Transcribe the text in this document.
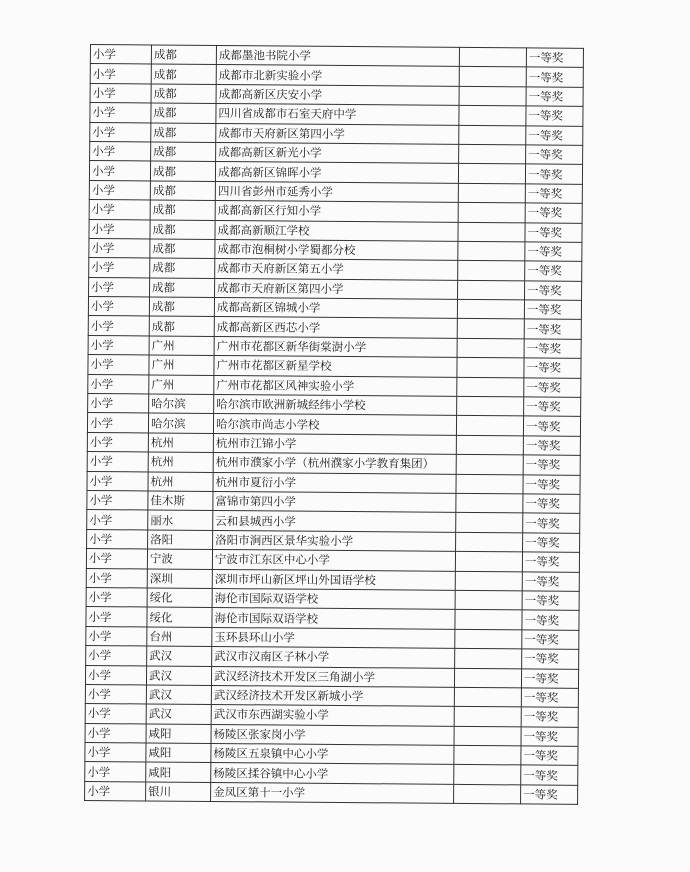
小学	成都	成都墨池书院小学		一等奖
小学	成都	成都市北新实验小学		一等奖
小学	成都	成都高新区庆安小学		一等奖
小学	成都	四川省成都市石室天府中学		一等奖
小学	成都	成都市天府新区第四小学		一等奖
小学	成都	成都高新区新光小学		一等奖
小学	成都	成都高新区锦晖小学		一等奖
小学	成都	四川省彭州市延秀小学		一等奖
小学	成都	成都高新区行知小学		一等奖
小学	成都	成都高新顺江学校		一等奖
小学	成都	成都市泡桐树小学蜀都分校		一等奖
小学	成都	成都市天府新区第五小学		一等奖
小学	成都	成都市天府新区第四小学		一等奖
小学	成都	成都高新区锦城小学		一等奖
小学	成都	成都高新区西芯小学		一等奖
小学	广州	广州市花都区新华街棠澍小学		一等奖
小学	广州	广州市花都区新星学校		一等奖
小学	广州	广州市花都区风神实验小学		一等奖
小学	哈尔滨	哈尔滨市欧洲新城经纬小学校		一等奖
小学	哈尔滨	哈尔滨市尚志小学校		一等奖
小学	杭州	杭州市江锦小学		一等奖
小学	杭州	杭州市濮家小学（杭州濮家小学教育集团）		一等奖
小学	杭州	杭州市夏衍小学		一等奖
小学	佳木斯	富锦市第四小学		一等奖
小学	丽水	云和县城西小学		一等奖
小学	洛阳	洛阳市涧西区景华实验小学		一等奖
小学	宁波	宁波市江东区中心小学		一等奖
小学	深圳	深圳市坪山新区坪山外国语学校		一等奖
小学	绥化	海伦市国际双语学校		一等奖
小学	绥化	海伦市国际双语学校		一等奖
小学	台州	玉环县环山小学		一等奖
小学	武汉	武汉市汉南区子林小学		一等奖
小学	武汉	武汉经济技术开发区三角湖小学		一等奖
小学	武汉	武汉经济技术开发区新城小学		一等奖
小学	武汉	武汉市东西湖实验小学		一等奖
小学	咸阳	杨陵区张家岗小学		一等奖
小学	咸阳	杨陵区五泉镇中心小学		一等奖
小学	咸阳	杨陵区揉谷镇中心小学		一等奖
小学	银川	金凤区第十一小学		一等奖
